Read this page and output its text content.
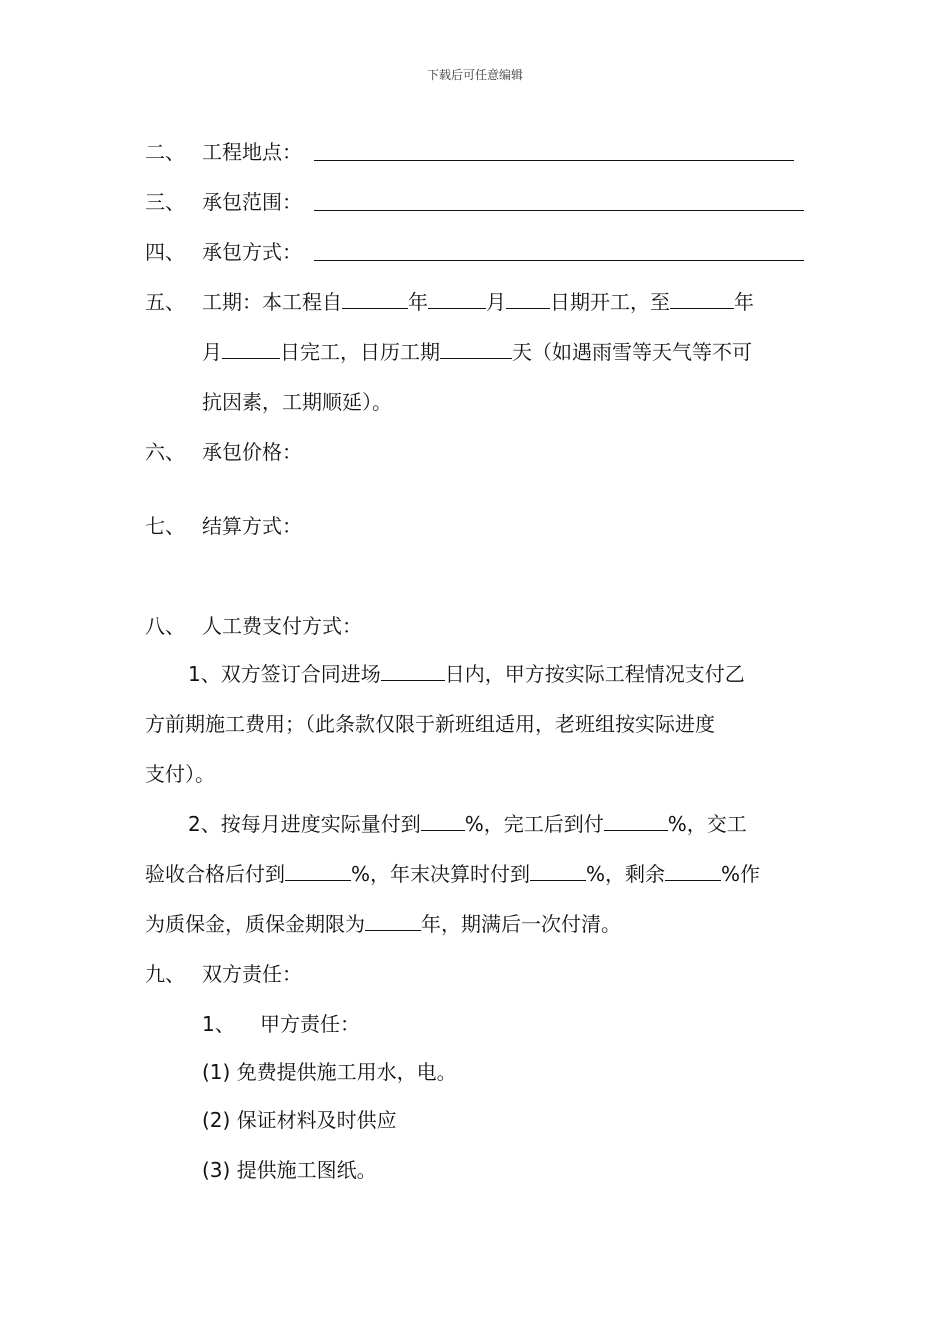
下载后可任意编辑
二、 工程地点：
三、 承包范围：
四、 承包方式：
五、 工期：本工程自	年	月 日期开工，至	年
月	日完工，日历工期	天（如遇雨雪等天气等不可
抗因素，工期顺延）。
六、 承包价格：
七、 结算方式：
八、 人工费支付方式：
1、双方签订合同进场	日内，甲方按实际工程情况支付乙
方前期施工费用；（此条款仅限于新班组适用，老班组按实际进度
支付）。
2、按每月进度实际量付到 %，完工后到付	%，交工
验收合格后付到	%，年末决算时付到	%，剩余	%作
为质保金，质保金期限为	年，期满后一次付清。
九、 双方责任：
1、 甲方责任：
(1) 免费提供施工用水，电。
(2) 保证材料及时供应
(3) 提供施工图纸。
